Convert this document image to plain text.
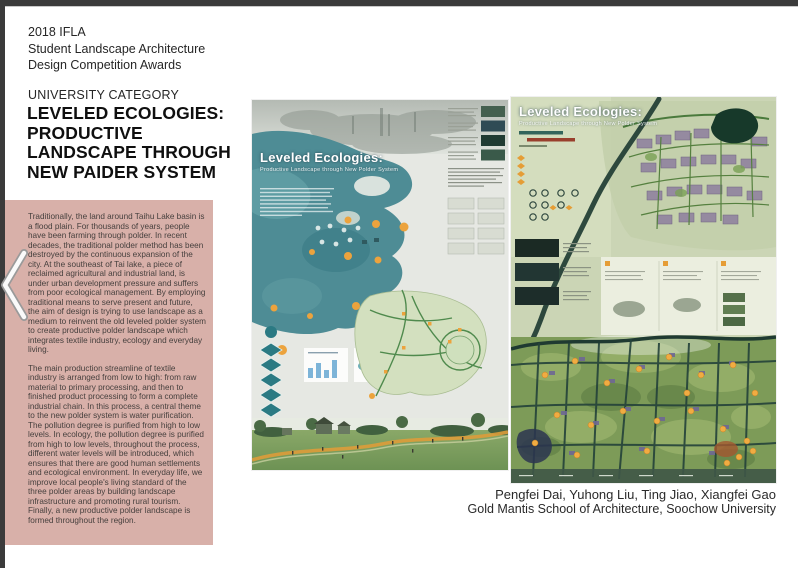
2018 IFLA
Student Landscape Architecture
Design Competition Awards
UNIVERSITY CATEGORY
LEVELED ECOLOGIES:
PRODUCTIVE
LANDSCAPE THROUGH
NEW PAIDER SYSTEM

Traditionally, the land around Taihu Lake basin is a flood plain. For thousands of years, people have been farming through polder. In recent decades, the traditional polder method has been destroyed by the continuous expansion of the city. At the southeast of Tai lake, a piece of reclaimed agricultural and industrial land, is under urban development pressure and suffers from poor ecological management. By employing traditional means to serve present and future, the aim of design is trying to use landscape as a medium to reinvent the old leveled polder system to create productive polder landscape which integrates textile industry, ecology and everyday living.

The main production streamline of textile industry is arranged from low to high: from raw material to primary processing, and then to finished product processing to form a complete industrial chain. In this process, a central theme to the new polder system is water purification. The pollution degree is purified from high to low levels. In ecology, the pollution degree is purified from high to low levels, throughout the process, different water levels will be introduced, which ensures that there are good human settlements and ecological environment. In everyday life, we improve local people's living standard of the three polder areas by building landscape infrastructure and promoting rural tourism. Finally, a new productive polder landscape is formed throughout the region.

Leveled Ecologies:
Productive Landscape through New Polder System
Leveled Ecologies:
Productive Landscape through New Polder System
Pengfei Dai, Yuhong Liu, Ting Jiao, Xiangfei Gao
Gold Mantis School of Architecture, Soochow University
